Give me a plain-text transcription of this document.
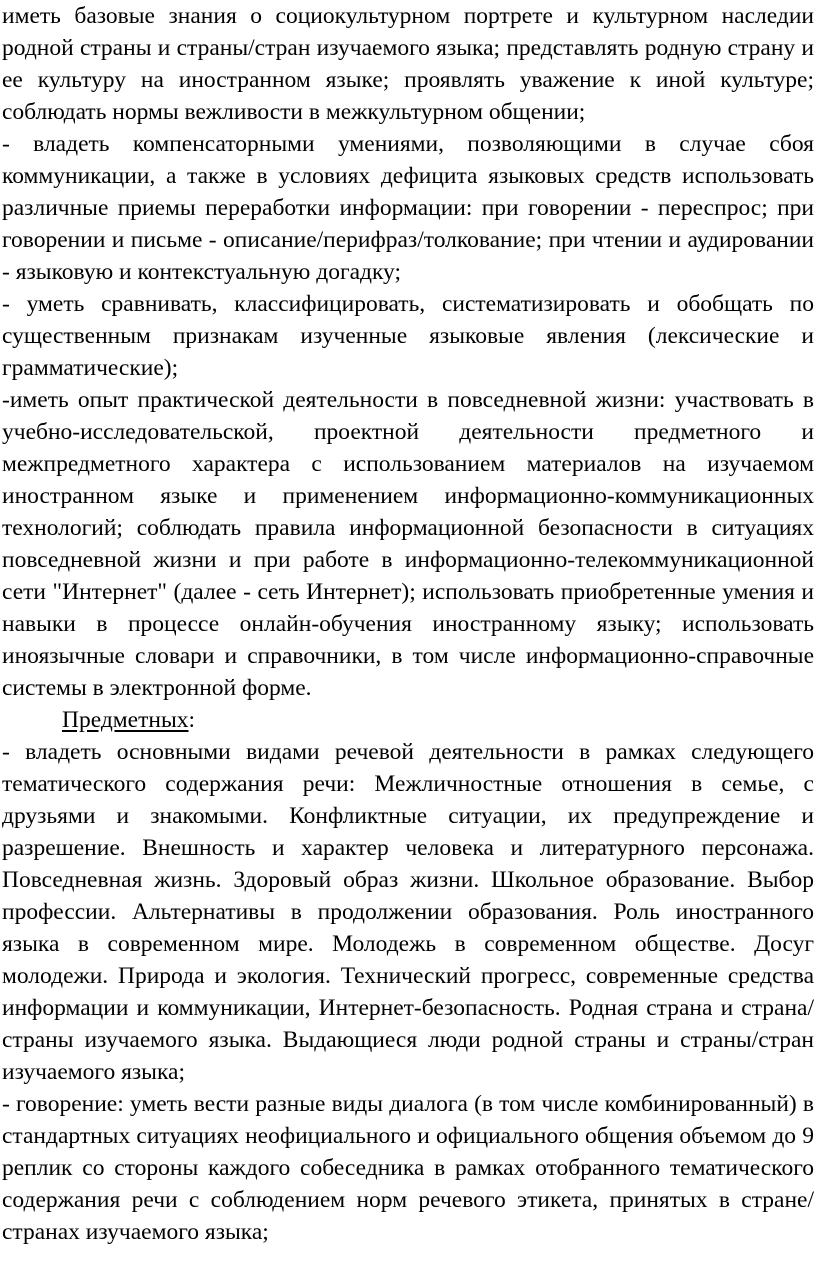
иметь базовые знания о социокультурном портрете и культурном наследии родной страны и страны/стран изучаемого языка; представлять родную страну и ее культуру на иностранном языке; проявлять уважение к иной культуре; соблюдать нормы вежливости в межкультурном общении;

- владеть компенсаторными умениями, позволяющими в случае сбоя коммуникации, а также в условиях дефицита языковых средств использовать различные приемы переработки информации: при говорении - переспрос; при говорении и письме - описание/перифраз/толкование; при чтении и аудировании - языковую и контекстуальную догадку;

- уметь сравнивать, классифицировать, систематизировать и обобщать по существенным признакам изученные языковые явления (лексические и грамматические);

-иметь опыт практической деятельности в повседневной жизни: участвовать в учебно-исследовательской, проектной деятельности предметного и межпредметного характера с использованием материалов на изучаемом иностранном языке и применением информационно-коммуникационных технологий; соблюдать правила информационной безопасности в ситуациях повседневной жизни и при работе в информационно-телекоммуникационной сети "Интернет" (далее - сеть Интернет); использовать приобретенные умения и навыки в процессе онлайн-обучения иностранному языку; использовать иноязычные словари и справочники, в том числе информационно-справочные системы в электронной форме.

Предметных:

- владеть основными видами речевой деятельности в рамках следующего тематического содержания речи: Межличностные отношения в семье, с друзьями и знакомыми. Конфликтные ситуации, их предупреждение и разрешение. Внешность и характер человека и литературного персонажа. Повседневная жизнь. Здоровый образ жизни. Школьное образование. Выбор профессии. Альтернативы в продолжении образования. Роль иностранного языка в современном мире. Молодежь в современном обществе. Досуг молодежи. Природа и экология. Технический прогресс, современные средства информации и коммуникации, Интернет-безопасность. Родная страна и страна/страны изучаемого языка. Выдающиеся люди родной страны и страны/стран изучаемого языка;

- говорение: уметь вести разные виды диалога (в том числе комбинированный) в стандартных ситуациях неофициального и официального общения объемом до 9 реплик со стороны каждого собеседника в рамках отобранного тематического содержания речи с соблюдением норм речевого этикета, принятых в стране/странах изучаемого языка;
